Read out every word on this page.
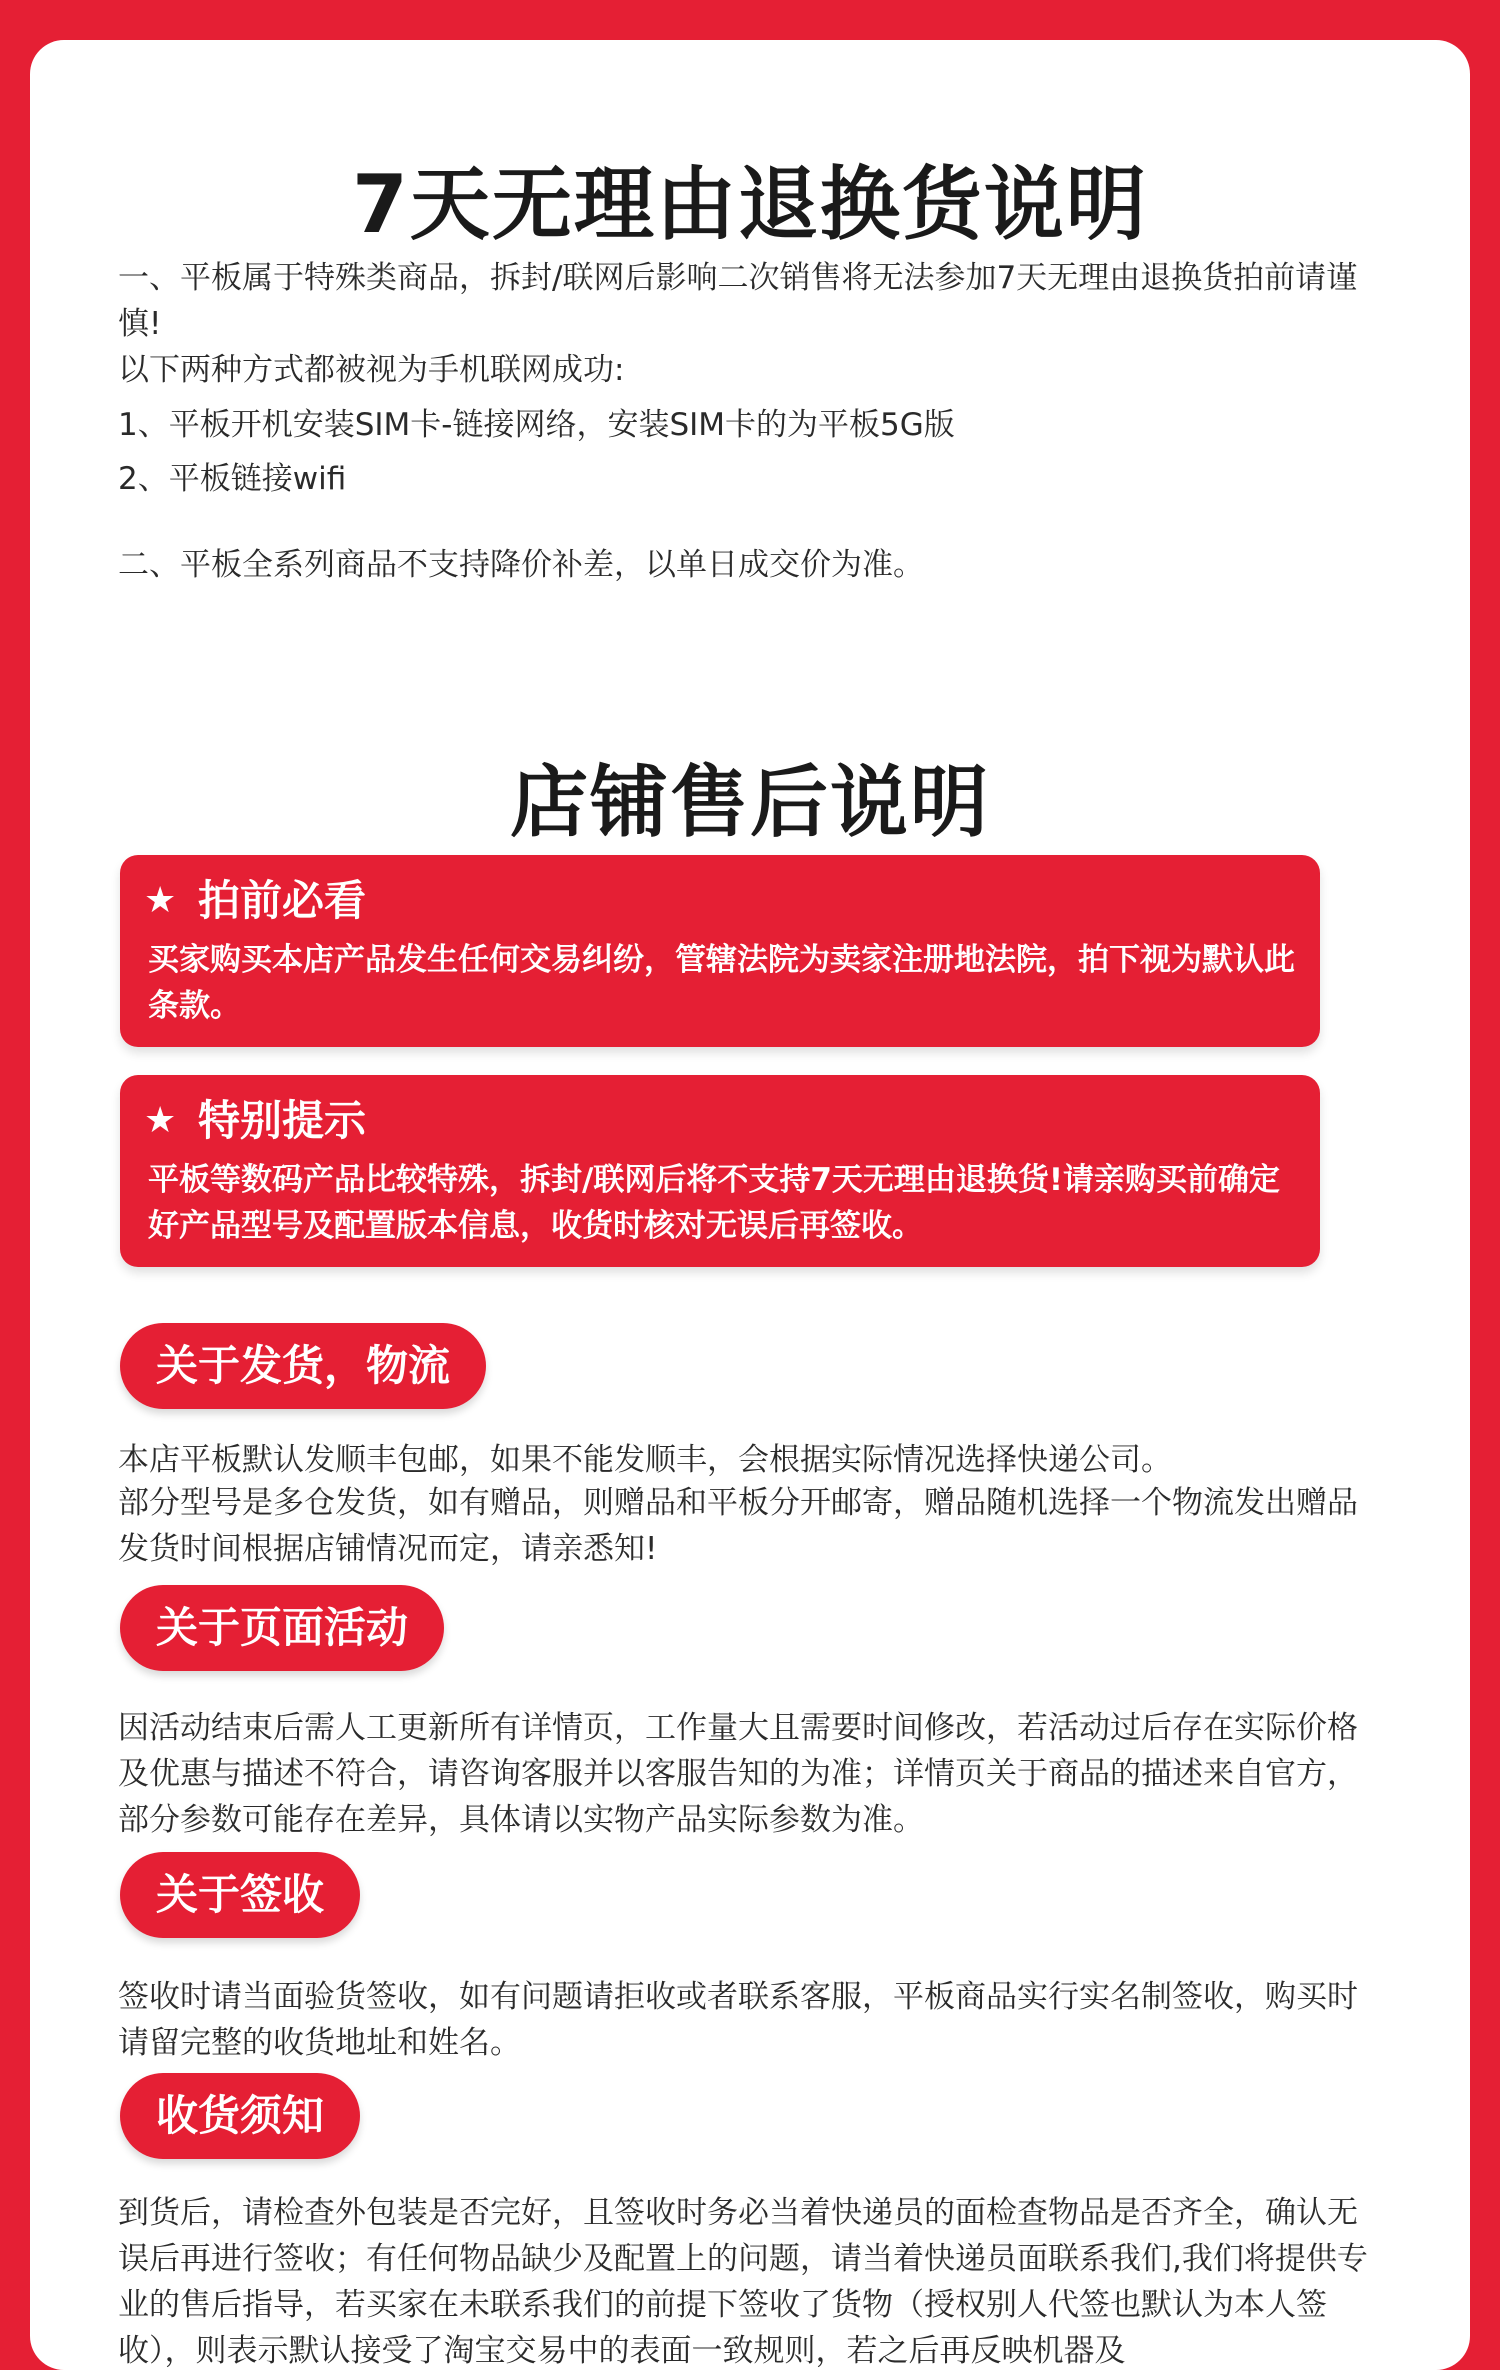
7天无理由退换货说明

一、平板属于特殊类商品，拆封/联网后影响二次销售将无法参加7天无理由退换货拍前请谨慎!

以下两种方式都被视为手机联网成功:

1、平板开机安装SIM卡-链接网络，安装SIM卡的为平板5G版

2、平板链接wifi

二、平板全系列商品不支持降价补差，以单日成交价为准。

店铺售后说明
★ 拍前必看
买家购买本店产品发生任何交易纠纷，管辖法院为卖家注册地法院，拍下视为默认此条款。
★ 特别提示
平板等数码产品比较特殊，拆封/联网后将不支持7天无理由退换货!请亲购买前确定好产品型号及配置版本信息，收货时核对无误后再签收。
关于发货，物流

本店平板默认发顺丰包邮，如果不能发顺丰，会根据实际情况选择快递公司。

部分型号是多仓发货，如有赠品，则赠品和平板分开邮寄，赠品随机选择一个物流发出赠品发货时间根据店铺情况而定，请亲悉知!

关于页面活动

因活动结束后需人工更新所有详情页，工作量大且需要时间修改，若活动过后存在实际价格及优惠与描述不符合，请咨询客服并以客服告知的为准；详情页关于商品的描述来自官方，部分参数可能存在差异，具体请以实物产品实际参数为准。

关于签收

签收时请当面验货签收，如有问题请拒收或者联系客服，平板商品实行实名制签收，购买时请留完整的收货地址和姓名。

收货须知

到货后，请检查外包装是否完好，且签收时务必当着快递员的面检查物品是否齐全，确认无误后再进行签收；有任何物品缺少及配置上的问题，请当着快递员面联系我们,我们将提供专业的售后指导，若买家在未联系我们的前提下签收了货物（授权别人代签也默认为本人签收），则表示默认接受了淘宝交易中的表面一致规则，若之后再反映机器及
